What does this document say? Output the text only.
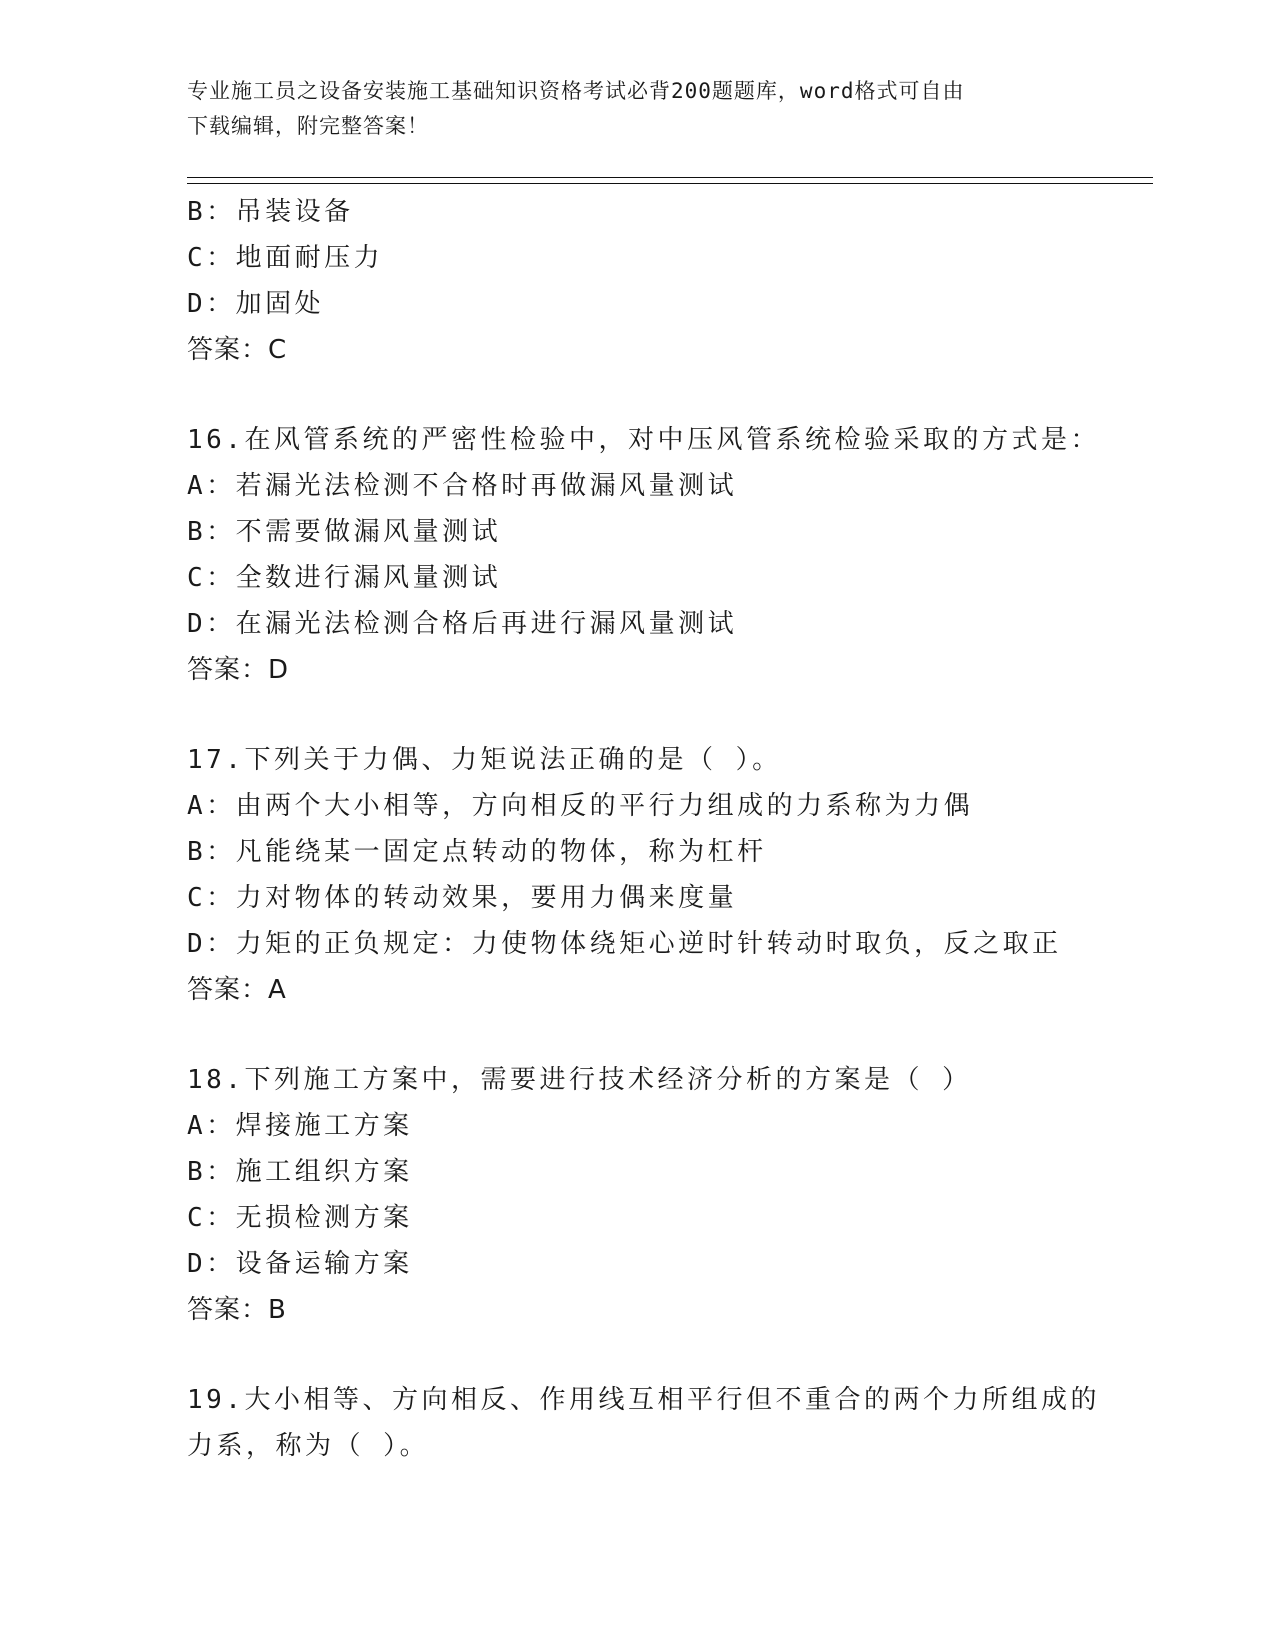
专业施工员之设备安装施工基础知识资格考试必背200题题库，word格式可自由
下载编辑，附完整答案！
B：吊装设备
C：地面耐压力
D：加固处
答案：C
16.在风管系统的严密性检验中，对中压风管系统检验采取的方式是：
A：若漏光法检测不合格时再做漏风量测试
B：不需要做漏风量测试
C：全数进行漏风量测试
D：在漏光法检测合格后再进行漏风量测试
答案：D
17.下列关于力偶、力矩说法正确的是（ ）。
A：由两个大小相等，方向相反的平行力组成的力系称为力偶
B：凡能绕某一固定点转动的物体，称为杠杆
C：力对物体的转动效果，要用力偶来度量
D：力矩的正负规定：力使物体绕矩心逆时针转动时取负，反之取正
答案：A
18.下列施工方案中，需要进行技术经济分析的方案是（ ）
A：焊接施工方案
B：施工组织方案
C：无损检测方案
D：设备运输方案
答案：B
19.大小相等、方向相反、作用线互相平行但不重合的两个力所组成的
力系，称为（ ）。
